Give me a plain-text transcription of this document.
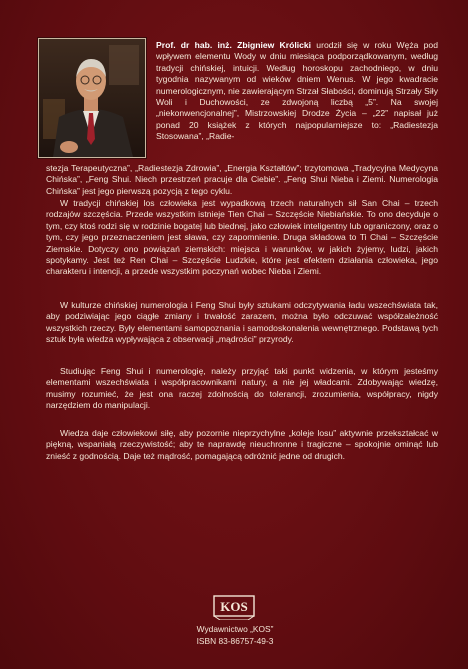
Prof. dr hab. inż. Zbigniew Królicki urodził się w roku Węża pod wpływem elementu Wody w dniu miesiąca podporządkowanym, według tradycji chińskiej, intuicji. Według horoskopu zachodniego, w dniu tygodnia nazywanym od wieków dniem Wenus. W jego kwadracie numerologicznym, nie zawierającym Strzał Słabości, dominują Strzały Siły Woli i Duchowości, ze zdwojoną liczbą „5”. Na swojej „niekonwencjonalnej”, Mistrzowskiej Drodze Życia – „22” napisał już ponad 20 książek z których najpopularniejsze to: „Radiestezja Stosowana”, „Radie-

stezja Terapeutyczna”, „Radiestezja Zdrowia”, „Energia Kształtów”; trzytomowa „Tradycyjna Medycyna Chińska”, „Feng Shui. Niech przestrzeń pracuje dla Ciebie”. „Feng Shui Nieba i Ziemi. Numerologia Chińska” jest jego pierwszą pozycją z tego cyklu.

W tradycji chińskiej los człowieka jest wypadkową trzech naturalnych sił San Chai – trzech rodzajów szczęścia. Przede wszystkim istnieje Tien Chai – Szczęście Niebiańskie. To ono decyduje o tym, czy ktoś rodzi się w rodzinie bogatej lub biednej, jako człowiek inteligentny lub ograniczony, oraz o tym, czy jego przeznaczeniem jest sława, czy zapomnienie. Druga składowa to Ti Chai – Szczęście Ziemskie. Dotyczy ono powiązań ziemskich: miejsca i warunków, w jakich żyjemy, ludzi, jakich spotykamy. Jest też Ren Chai – Szczęście Ludzkie, które jest efektem działania człowieka, jego charakteru i intencji, a przede wszystkim poczynań wobec Nieba i Ziemi.

W kulturze chińskiej numerologia i Feng Shui były sztukami odczytywania ładu wszechświata tak, aby podziwiając jego ciągłe zmiany i trwałość zarazem, można było odczuwać współzależność wszystkich rzeczy. Były elementami samopoznania i samodoskonalenia wewnętrznego. Podstawą tych sztuk była wiedza wypływająca z obserwacji „mądrości” przyrody.

Studiując Feng Shui i numerologię, należy przyjąć taki punkt widzenia, w którym jesteśmy elementami wszechświata i współpracownikami natury, a nie jej władcami. Zdobywając wiedzę, musimy rozumieć, że jest ona raczej zdolnością do tolerancji, zrozumienia, współpracy, nigdy narzędziem do manipulacji.

Wiedza daje człowiekowi siłę, aby pozornie nieprzychylne „koleje losu” aktywnie przekształcać w piękną, wspaniałą rzeczywistość; aby te naprawdę nieuchronne i tragiczne – spokojnie ominąć lub znieść z godnością. Daje też mądrość, pomagającą odróżnić jedne od drugich.

KOS
Wydawnictwo „KOS”
ISBN 83-86757-49-3
